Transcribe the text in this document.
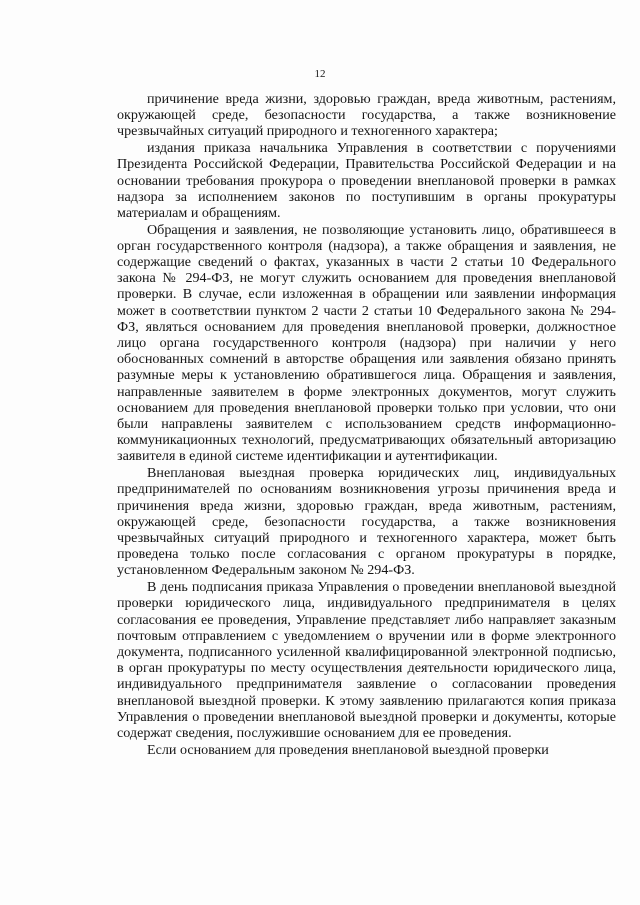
12

причинение вреда жизни, здоровью граждан, вреда животным, растениям, окружающей среде, безопасности государства, а также возникновение чрезвычайных ситуаций природного и техногенного характера;

издания приказа начальника Управления в соответствии с поручениями Президента Российской Федерации, Правительства Российской Федерации и на основании требования прокурора о проведении внеплановой проверки в рамках надзора за исполнением законов по поступившим в органы прокуратуры материалам и обращениям.

Обращения и заявления, не позволяющие установить лицо, обратившееся в орган государственного контроля (надзора), а также обращения и заявления, не содержащие сведений о фактах, указанных в части 2 статьи 10 Федерального закона № 294-ФЗ, не могут служить основанием для проведения внеплановой проверки. В случае, если изложенная в обращении или заявлении информация может в соответствии пунктом 2 части 2 статьи 10 Федерального закона № 294-ФЗ, являться основанием для проведения внеплановой проверки, должностное лицо органа государственного контроля (надзора) при наличии у него обоснованных сомнений в авторстве обращения или заявления обязано принять разумные меры к установлению обратившегося лица. Обращения и заявления, направленные заявителем в форме электронных документов, могут служить основанием для проведения внеплановой проверки только при условии, что они были направлены заявителем с использованием средств информационно-коммуникационных технологий, предусматривающих обязательный авторизацию заявителя в единой системе идентификации и аутентификации.

Внеплановая выездная проверка юридических лиц, индивидуальных предпринимателей по основаниям возникновения угрозы причинения вреда и причинения вреда жизни, здоровью граждан, вреда животным, растениям, окружающей среде, безопасности государства, а также возникновения чрезвычайных ситуаций природного и техногенного характера, может быть проведена только после согласования с органом прокуратуры в порядке, установленном Федеральным законом № 294-ФЗ.

В день подписания приказа Управления о проведении внеплановой выездной проверки юридического лица, индивидуального предпринимателя в целях согласования ее проведения, Управление представляет либо направляет заказным почтовым отправлением с уведомлением о вручении или в форме электронного документа, подписанного усиленной квалифицированной электронной подписью, в орган прокуратуры по месту осуществления деятельности юридического лица, индивидуального предпринимателя заявление о согласовании проведения внеплановой выездной проверки. К этому заявлению прилагаются копия приказа Управления о проведении внеплановой выездной проверки и документы, которые содержат сведения, послужившие основанием для ее проведения.

Если основанием для проведения внеплановой выездной проверки
